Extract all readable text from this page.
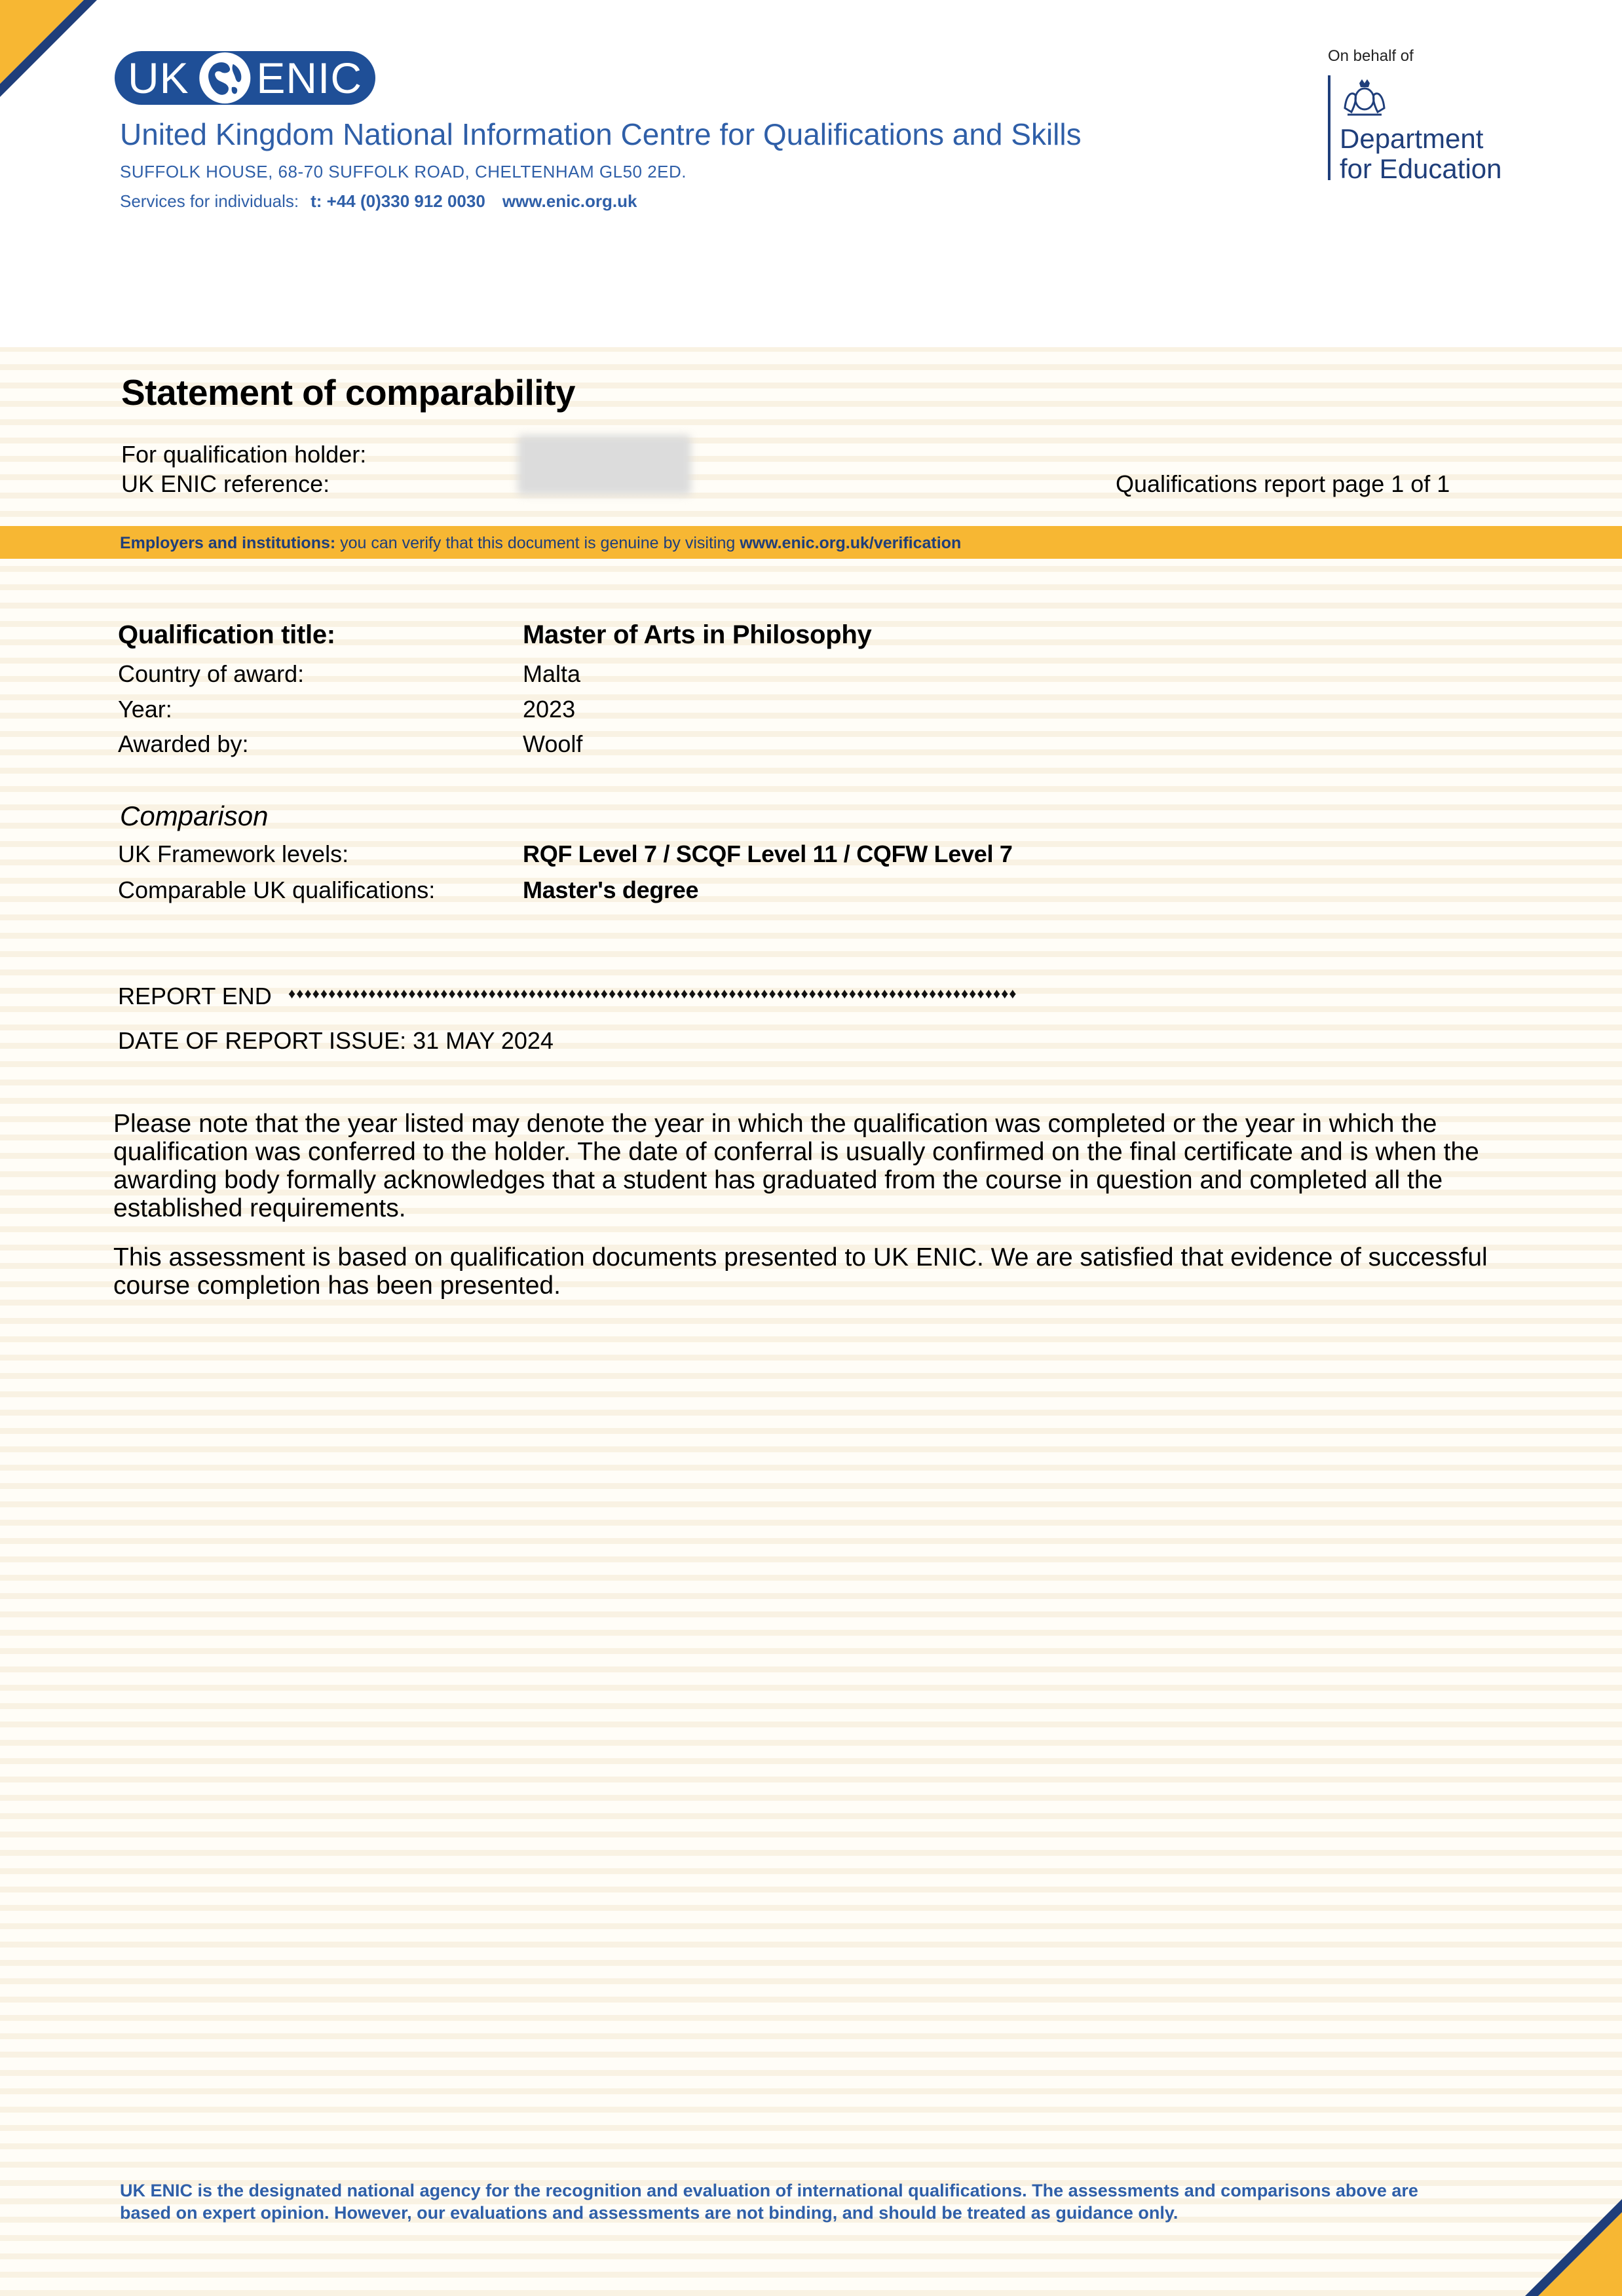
UK ENIC
United Kingdom National Information Centre for Qualifications and Skills
SUFFOLK HOUSE, 68-70 SUFFOLK ROAD, CHELTENHAM GL50 2ED.
Services for individuals: t: +44 (0)330 912 0030 www.enic.org.uk
On behalf of
Department
for Education
Statement of comparability
For qualification holder:
UK ENIC reference:	Qualifications report page 1 of 1
Employers and institutions: you can verify that this document is genuine by visiting www.enic.org.uk/verification
Qualification title:	Master of Arts in Philosophy
Country of award:	Malta
Year:	2023
Awarded by:	Woolf
Comparison
UK Framework levels:	RQF Level 7 / SCQF Level 11 / CQFW Level 7
Comparable UK qualifications:	Master's degree
REPORT END ♦♦♦♦♦♦♦♦♦♦♦♦♦♦♦♦♦♦♦♦♦♦♦♦♦♦♦♦♦♦♦♦♦♦♦♦♦♦♦♦♦♦♦♦♦♦♦♦♦♦♦♦♦♦♦♦♦♦♦♦♦♦♦♦♦♦♦♦♦♦♦♦♦♦♦♦♦♦♦♦♦♦♦♦♦♦♦♦♦♦♦
DATE OF REPORT ISSUE: 31 MAY 2024
Please note that the year listed may denote the year in which the qualification was completed or the year in which the qualification was conferred to the holder. The date of conferral is usually confirmed on the final certificate and is when the awarding body formally acknowledges that a student has graduated from the course in question and completed all the established requirements.
This assessment is based on qualification documents presented to UK ENIC. We are satisfied that evidence of successful course completion has been presented.
UK ENIC is the designated national agency for the recognition and evaluation of international qualifications. The assessments and comparisons above are based on expert opinion. However, our evaluations and assessments are not binding, and should be treated as guidance only.
